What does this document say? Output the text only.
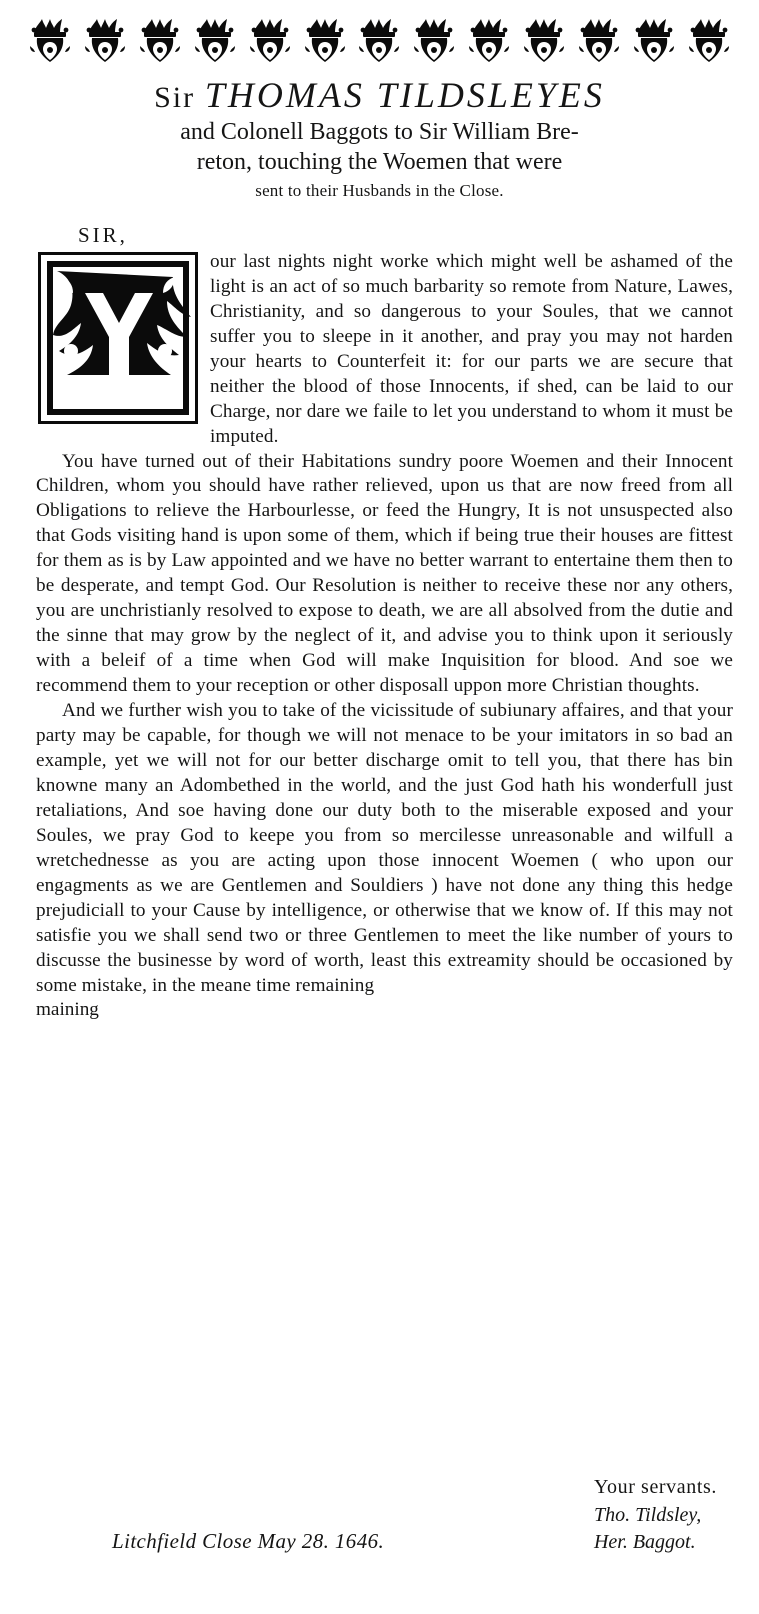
Sir THOMAS TILDSLEYES
and Colonell Baggots to Sir William Bre-
reton, touching the Woemen that were
sent to their Husbands in the Close.
SIR,

our last nights night worke which might well be ashamed of the light is an act of so much barbarity so remote from Nature, Lawes, Christianity, and so dangerous to your Soules, that we cannot suffer you to sleepe in it another, and pray you may not harden your hearts to Counterfeit it: for our parts we are secure that neither the blood of those Innocents, if shed, can be laid to our Charge, nor dare we faile to let you understand to whom it must be imputed.

You have turned out of their Habitations sundry poore Woemen and their Innocent Children, whom you should have rather relieved, upon us that are now freed from all Obligations to relieve the Harbourlesse, or feed the Hungry, It is not unsuspected also that Gods visiting hand is upon some of them, which if being true their houses are fittest for them as is by Law appointed and we have no better warrant to entertaine them then to be desperate, and tempt God. Our Resolution is neither to receive these nor any others, you are unchristianly resolved to expose to death, we are all absolved from the dutie and the sinne that may grow by the neglect of it, and advise you to think upon it seriously with a beleif of a time when God will make Inquisition for blood. And soe we recommend them to your reception or other disposall uppon more Christian thoughts.

And we further wish you to take of the vicissitude of subiunary affaires, and that your party may be capable, for though we will not menace to be your imitators in so bad an example, yet we will not for our better discharge omit to tell you, that there has bin knowne many an Adombethed in the world, and the just God hath his wonderfull just retaliations, And soe having done our duty both to the miserable exposed and your Soules, we pray God to keepe you from so mercilesse unreasonable and wilfull a wretchednesse as you are acting upon those innocent Woemen ( who upon our engagments as we are Gentlemen and Souldiers ) have not done any thing this hedge prejudiciall to your Cause by intelligence, or otherwise that we know of. If this may not satisfie you we shall send two or three Gentlemen to meet the like number of yours to discusse the businesse by word of worth, least this extreamity should be occasioned by some mistake, in the meane time remaining

maining
Your servants.
Tho. Tildsley,
Her. Baggot.
Litchfield Close May 28. 1646.
